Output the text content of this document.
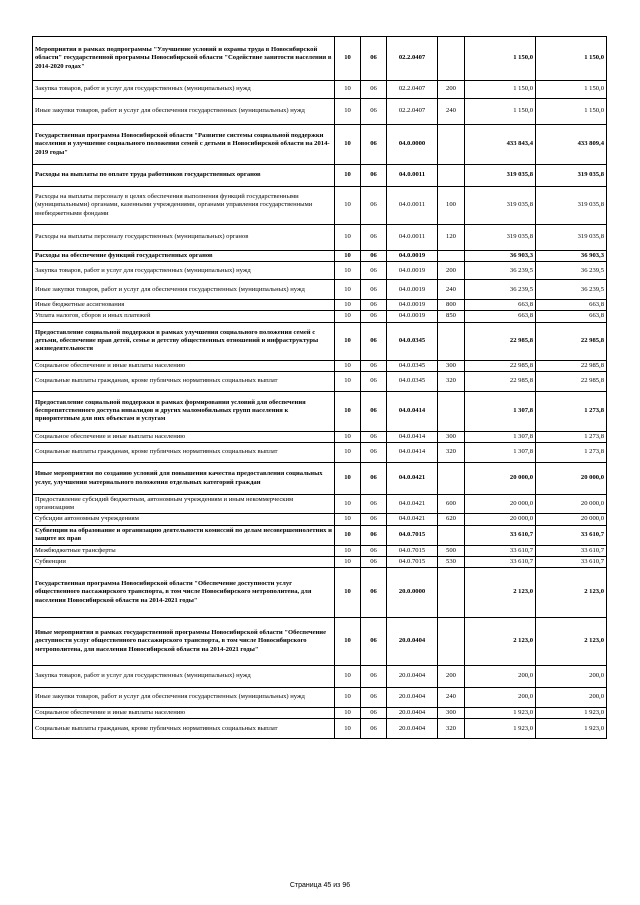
Мероприятия в рамках подпрограммы "Улучшение условий и охраны труда в Новосибирской области" государственной программы Новосибирской области "Содействие занятости населения в 2014-2020 годах"	10	06	02.2.0407		1 150,0	1 150,0
Закупка товаров, работ и услуг для государственных (муниципальных) нужд	10	06	02.2.0407	200	1 150,0	1 150,0
Иные закупки товаров, работ и услуг для обеспечения государственных (муниципальных) нужд	10	06	02.2.0407	240	1 150,0	1 150,0
Государственная программа Новосибирской области "Развитие системы социальной поддержки населения и улучшение социального положения семей с детьми в Новосибирской области на 2014-2019 годы"	10	06	04.0.0000		433 843,4	433 809,4
Расходы на выплаты по оплате труда работников государственных органов	10	06	04.0.0011		319 035,8	319 035,8
Расходы на выплаты персоналу в целях обеспечения выполнения функций государственными (муниципальными) органами, казенными учреждениями, органами управления государственными внебюджетными фондами	10	06	04.0.0011	100	319 035,8	319 035,8
Расходы на выплаты персоналу государственных (муниципальных) органов	10	06	04.0.0011	120	319 035,8	319 035,8
Расходы на обеспечение функций государственных органов	10	06	04.0.0019		36 903,3	36 903,3
Закупка товаров, работ и услуг для государственных (муниципальных) нужд	10	06	04.0.0019	200	36 239,5	36 239,5
Иные закупки товаров, работ и услуг для обеспечения государственных (муниципальных) нужд	10	06	04.0.0019	240	36 239,5	36 239,5
Иные бюджетные ассигнования	10	06	04.0.0019	800	663,8	663,8
Уплата налогов, сборов и иных платежей	10	06	04.0.0019	850	663,8	663,8
Предоставление социальной поддержки в рамках улучшения социального положения семей с детьми, обеспечение прав детей, семье и детству общественных отношений и инфраструктуры жизнедеятельности	10	06	04.0.0345		22 985,8	22 985,8
Социальное обеспечение и иные выплаты населению	10	06	04.0.0345	300	22 985,8	22 985,8
Социальные выплаты гражданам, кроме публичных нормативных социальных выплат	10	06	04.0.0345	320	22 985,8	22 985,8
Предоставление социальной поддержки в рамках формирования условий для обеспечения беспрепятственного доступа инвалидов и других маломобильных групп населения к приоритетным для них объектам и услугам	10	06	04.0.0414		1 307,8	1 273,8
Социальное обеспечение и иные выплаты населению	10	06	04.0.0414	300	1 307,8	1 273,8
Социальные выплаты гражданам, кроме публичных нормативных социальных выплат	10	06	04.0.0414	320	1 307,8	1 273,8
Иные мероприятия по созданию условий для повышения качества предоставления социальных услуг, улучшения материального положения отдельных категорий граждан	10	06	04.0.0421		20 000,0	20 000,0
Предоставление субсидий бюджетным, автономным учреждениям и иным некоммерческим организациям	10	06	04.0.0421	600	20 000,0	20 000,0
Субсидии автономным учреждениям	10	06	04.0.0421	620	20 000,0	20 000,0
Субвенции на образование и организацию деятельности комиссий по делам несовершеннолетних и защите их прав	10	06	04.0.7015		33 610,7	33 610,7
Межбюджетные трансферты	10	06	04.0.7015	500	33 610,7	33 610,7
Субвенции	10	06	04.0.7015	530	33 610,7	33 610,7
Государственная программа Новосибирской области "Обеспечение доступности услуг общественного пассажирского транспорта, в том числе Новосибирского метрополитена, для населения Новосибирской области на 2014-2021 годы"	10	06	20.0.0000		2 123,0	2 123,0
Иные мероприятия в рамках государственной программы Новосибирской области "Обеспечение доступности услуг общественного пассажирского транспорта, в том числе Новосибирского метрополитена, для населения Новосибирской области на 2014-2021 годы"	10	06	20.0.0404		2 123,0	2 123,0
Закупка товаров, работ и услуг для государственных (муниципальных) нужд	10	06	20.0.0404	200	200,0	200,0
Иные закупки товаров, работ и услуг для обеспечения государственных (муниципальных) нужд	10	06	20.0.0404	240	200,0	200,0
Социальное обеспечение и иные выплаты населению	10	06	20.0.0404	300	1 923,0	1 923,0
Социальные выплаты гражданам, кроме публичных нормативных социальных выплат	10	06	20.0.0404	320	1 923,0	1 923,0
Страница 45 из 96
